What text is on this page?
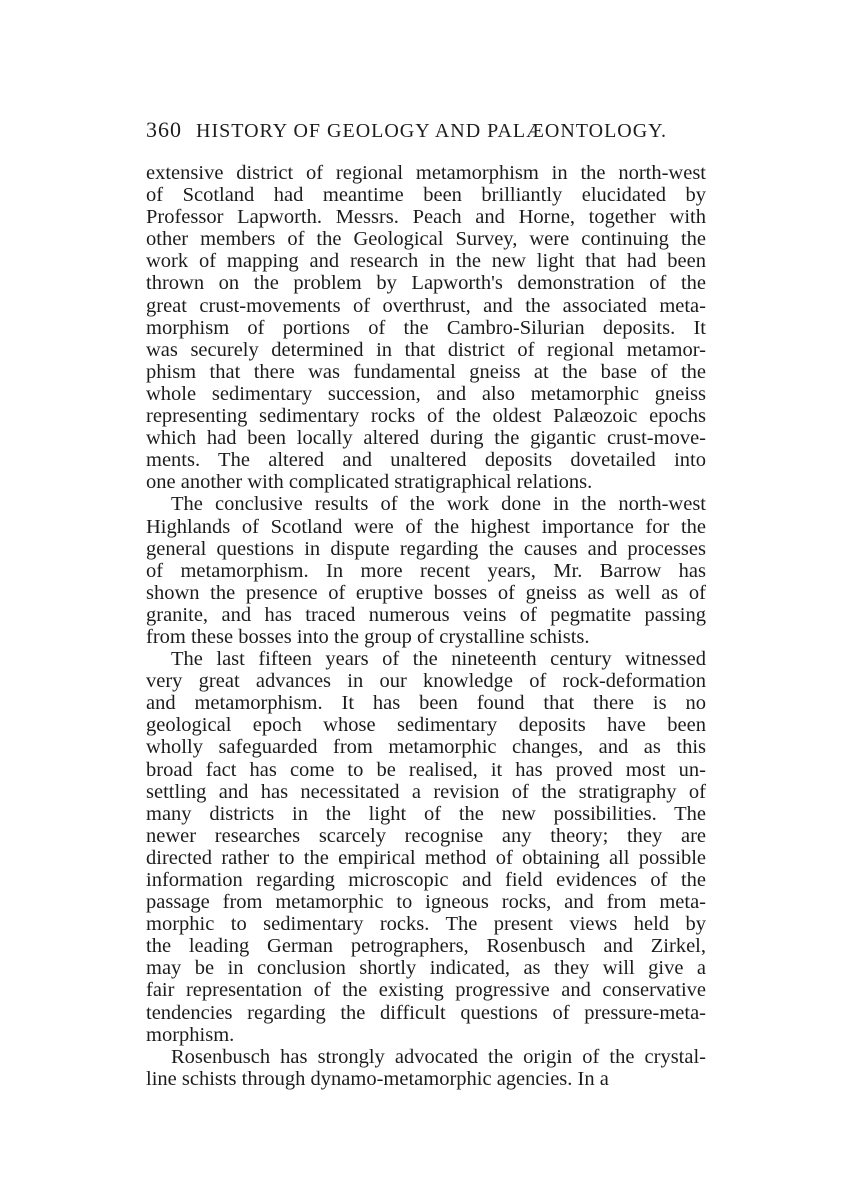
360 HISTORY OF GEOLOGY AND PALÆONTOLOGY.
extensive district of regional metamorphism in the north-west
of Scotland had meantime been brilliantly elucidated by
Professor Lapworth. Messrs. Peach and Horne, together with
other members of the Geological Survey, were continuing the
work of mapping and research in the new light that had been
thrown on the problem by Lapworth's demonstration of the
great crust-movements of overthrust, and the associated meta-
morphism of portions of the Cambro-Silurian deposits. It
was securely determined in that district of regional metamor-
phism that there was fundamental gneiss at the base of the
whole sedimentary succession, and also metamorphic gneiss
representing sedimentary rocks of the oldest Palæozoic epochs
which had been locally altered during the gigantic crust-move-
ments. The altered and unaltered deposits dovetailed into
one another with complicated stratigraphical relations.
The conclusive results of the work done in the north-west
Highlands of Scotland were of the highest importance for the
general questions in dispute regarding the causes and processes
of metamorphism. In more recent years, Mr. Barrow has
shown the presence of eruptive bosses of gneiss as well as of
granite, and has traced numerous veins of pegmatite passing
from these bosses into the group of crystalline schists.
The last fifteen years of the nineteenth century witnessed
very great advances in our knowledge of rock-deformation
and metamorphism. It has been found that there is no
geological epoch whose sedimentary deposits have been
wholly safeguarded from metamorphic changes, and as this
broad fact has come to be realised, it has proved most un-
settling and has necessitated a revision of the stratigraphy of
many districts in the light of the new possibilities. The
newer researches scarcely recognise any theory; they are
directed rather to the empirical method of obtaining all possible
information regarding microscopic and field evidences of the
passage from metamorphic to igneous rocks, and from meta-
morphic to sedimentary rocks. The present views held by
the leading German petrographers, Rosenbusch and Zirkel,
may be in conclusion shortly indicated, as they will give a
fair representation of the existing progressive and conservative
tendencies regarding the difficult questions of pressure-meta-
morphism.
Rosenbusch has strongly advocated the origin of the crystal-
line schists through dynamo-metamorphic agencies. In a
